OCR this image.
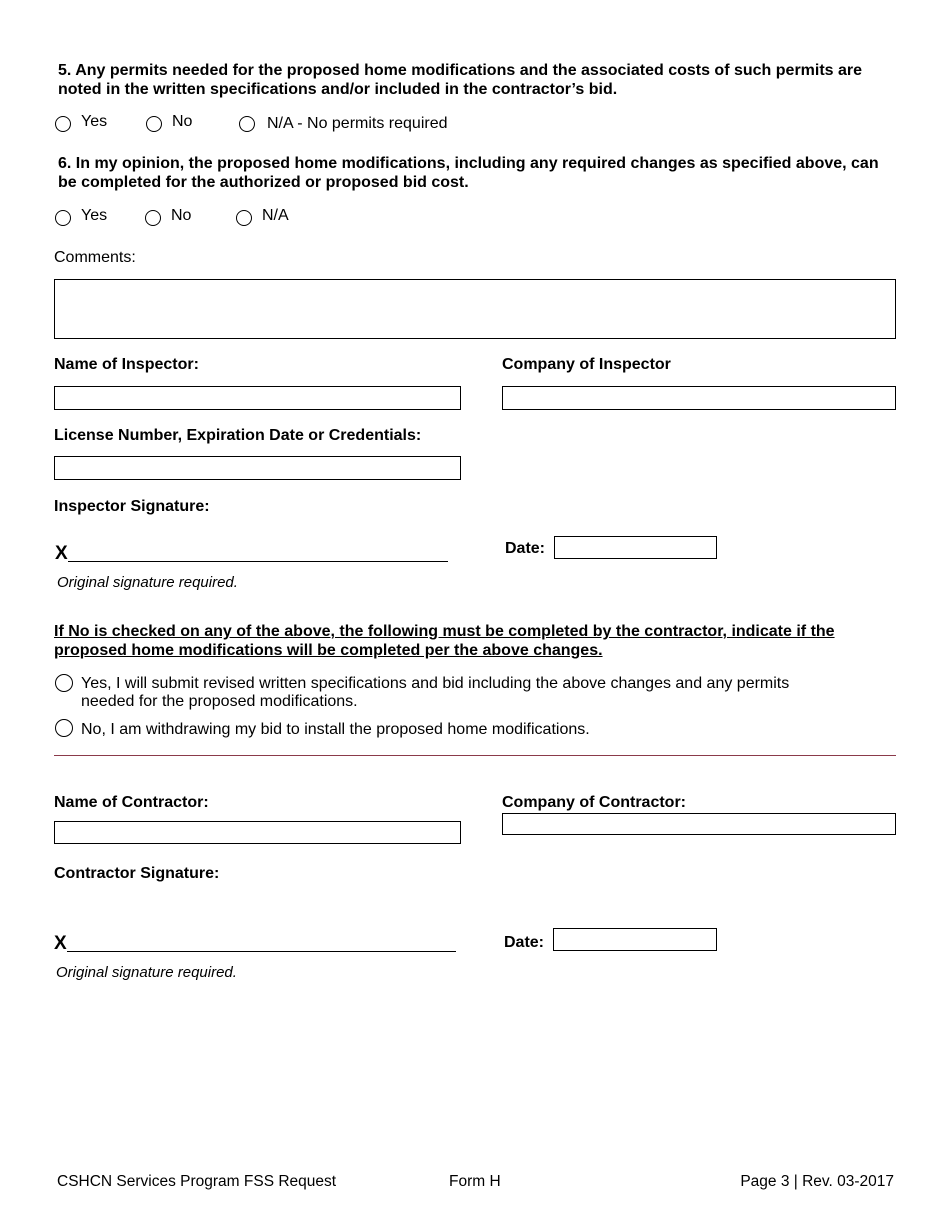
5. Any permits needed for the proposed home modifications and the associated costs of such permits are noted in the written specifications and/or included in the contractor’s bid.
Yes	No	N/A - No permits required
6. In my opinion, the proposed home modifications, including any required changes as specified above, can be completed for the authorized or proposed bid cost.
Yes	No	N/A
Comments:
Name of Inspector:	Company of Inspector
License Number, Expiration Date or Credentials:
Inspector Signature:
X	Date:
Original signature required.
If No is checked on any of the above, the following must be completed by the contractor, indicate if the proposed home modifications will be completed per the above changes.
Yes, I will submit revised written specifications and bid including the above changes and any permits needed for the proposed modifications.
No, I am withdrawing my bid to install the proposed home modifications.
Name of Contractor:	Company of Contractor:
Contractor Signature:
X	Date:
Original signature required.
CSHCN Services Program FSS Request	Form H	Page 3 | Rev. 03-2017
